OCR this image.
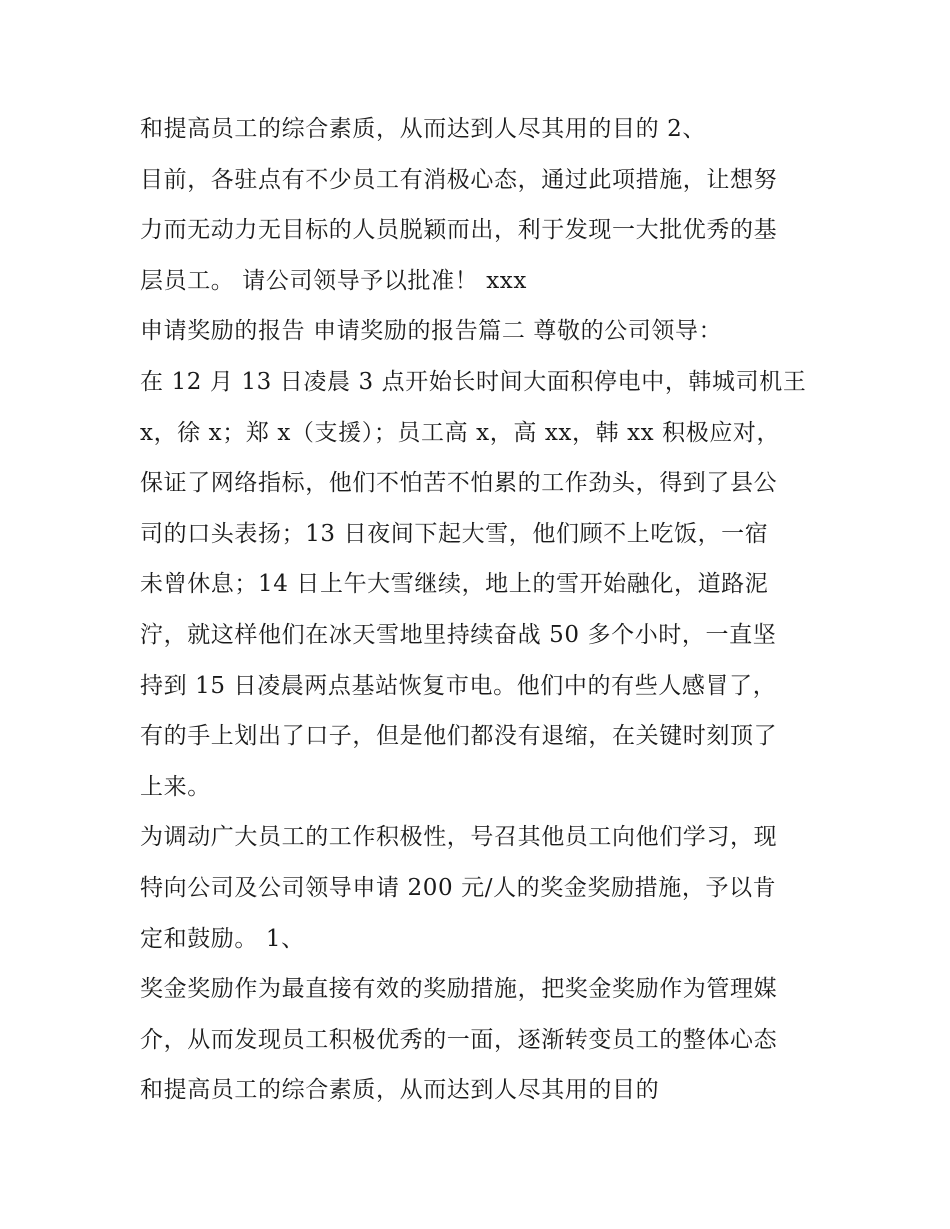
和提高员工的综合素质，从而达到人尽其用的目的 2、
目前，各驻点有不少员工有消极心态，通过此项措施，让想努
力而无动力无目标的人员脱颖而出，利于发现一大批优秀的基
层员工。 请公司领导予以批准！ xxx
申请奖励的报告 申请奖励的报告篇二 尊敬的公司领导：
在 12 月 13 日凌晨 3 点开始长时间大面积停电中，韩城司机王
x，徐 x；郑 x（支援）；员工高 x，高 xx，韩 xx 积极应对，
保证了网络指标，他们不怕苦不怕累的工作劲头，得到了县公
司的口头表扬；13 日夜间下起大雪，他们顾不上吃饭，一宿
未曾休息；14 日上午大雪继续，地上的雪开始融化，道路泥
泞，就这样他们在冰天雪地里持续奋战 50 多个小时，一直坚
持到 15 日凌晨两点基站恢复市电。他们中的有些人感冒了，
有的手上划出了口子，但是他们都没有退缩，在关键时刻顶了
上来。
为调动广大员工的工作积极性，号召其他员工向他们学习，现
特向公司及公司领导申请 200 元/人的奖金奖励措施，予以肯
定和鼓励。 1、
奖金奖励作为最直接有效的奖励措施，把奖金奖励作为管理媒
介，从而发现员工积极优秀的一面，逐渐转变员工的整体心态
和提高员工的综合素质，从而达到人尽其用的目的
